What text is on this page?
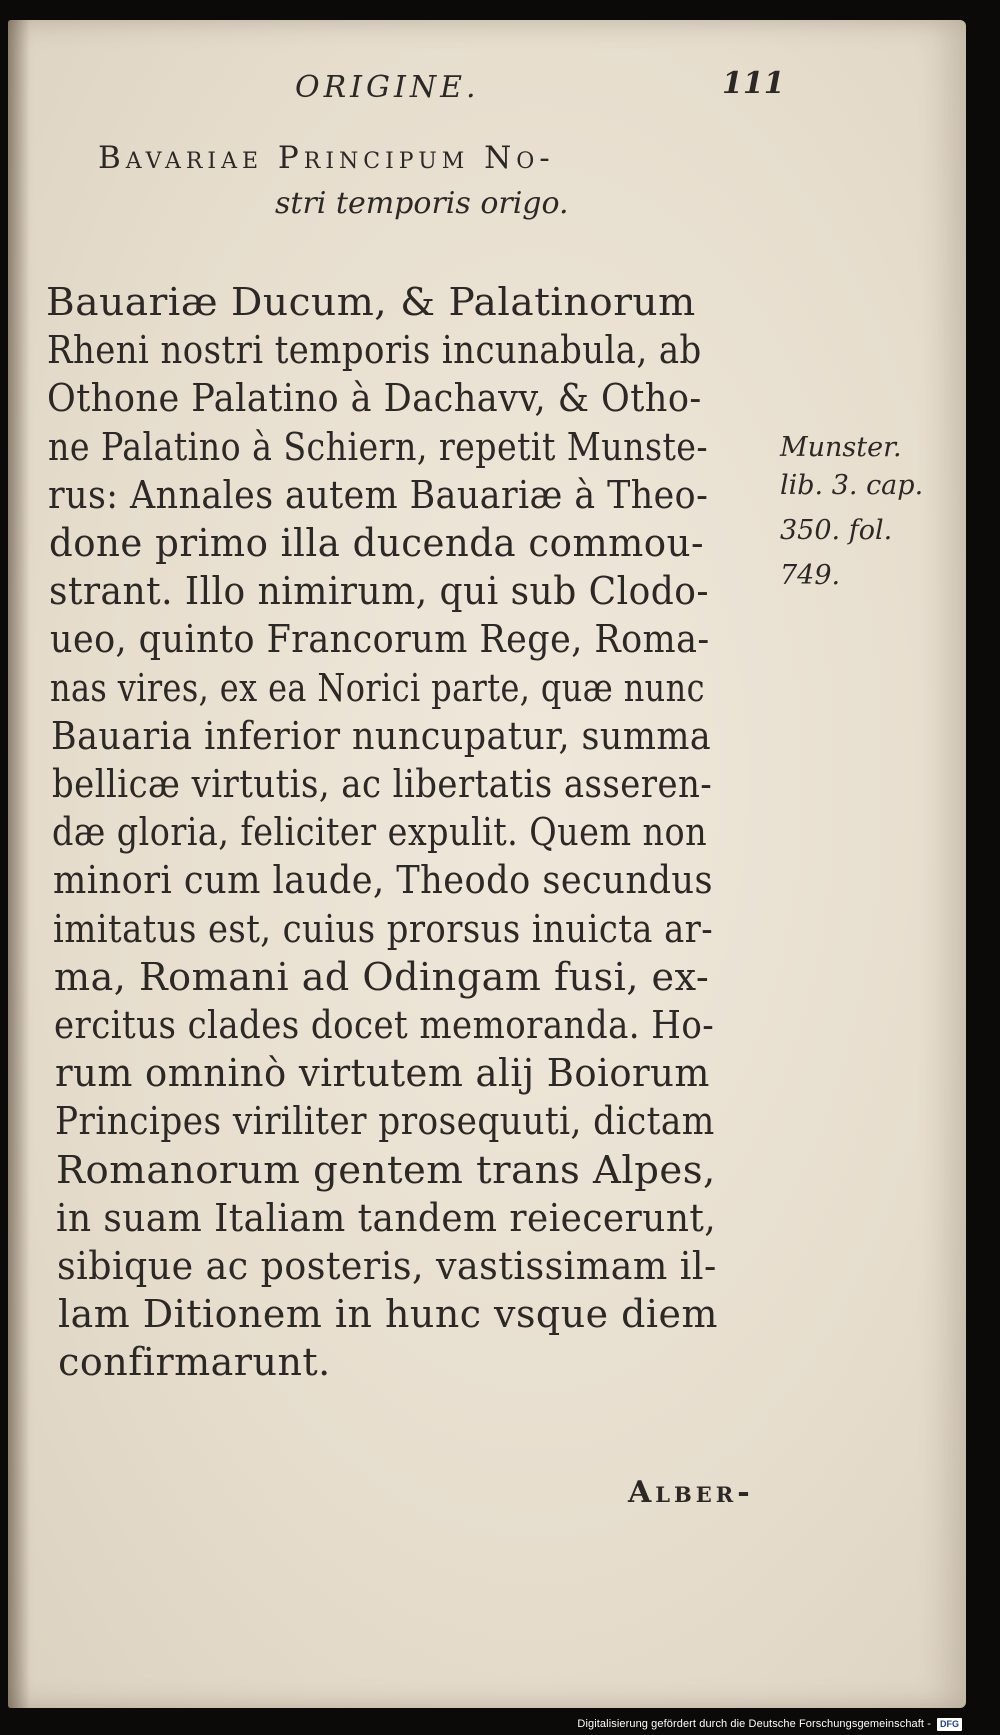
ORIGINE.	111
Bavariae Principum No-
stri temporis origo.
Bauariæ Ducum, & Palatinorum
Rheni nostri temporis incunabula, ab
Othone Palatino à Dachavv, & Otho-
ne Palatino à Schiern, repetit Munste-
rus: Annales autem Bauariæ à Theo-
done primo illa ducenda commou-
strant. Illo nimirum, qui sub Clodo-
ueo, quinto Francorum Rege, Roma-
nas vires, ex ea Norici parte, quæ nunc
Bauaria inferior nuncupatur, summa
bellicæ virtutis, ac libertatis asseren-
dæ gloria, feliciter expulit. Quem non
minori cum laude, Theodo secundus
imitatus est, cuius prorsus inuicta ar-
ma, Romani ad Odingam fusi, ex-
ercitus clades docet memoranda. Ho-
rum omninò virtutem alij Boiorum
Principes viriliter prosequuti, dictam
Romanorum gentem trans Alpes,
in suam Italiam tandem reiecerunt,
sibique ac posteris, vastissimam il-
lam Ditionem in hunc vsque diem
confirmarunt.
Munster.
lib. 3. cap.
350. fol.
749.
Alber-
Digitalisierung gefördert durch die Deutsche Forschungsgemeinschaft -	DFG
